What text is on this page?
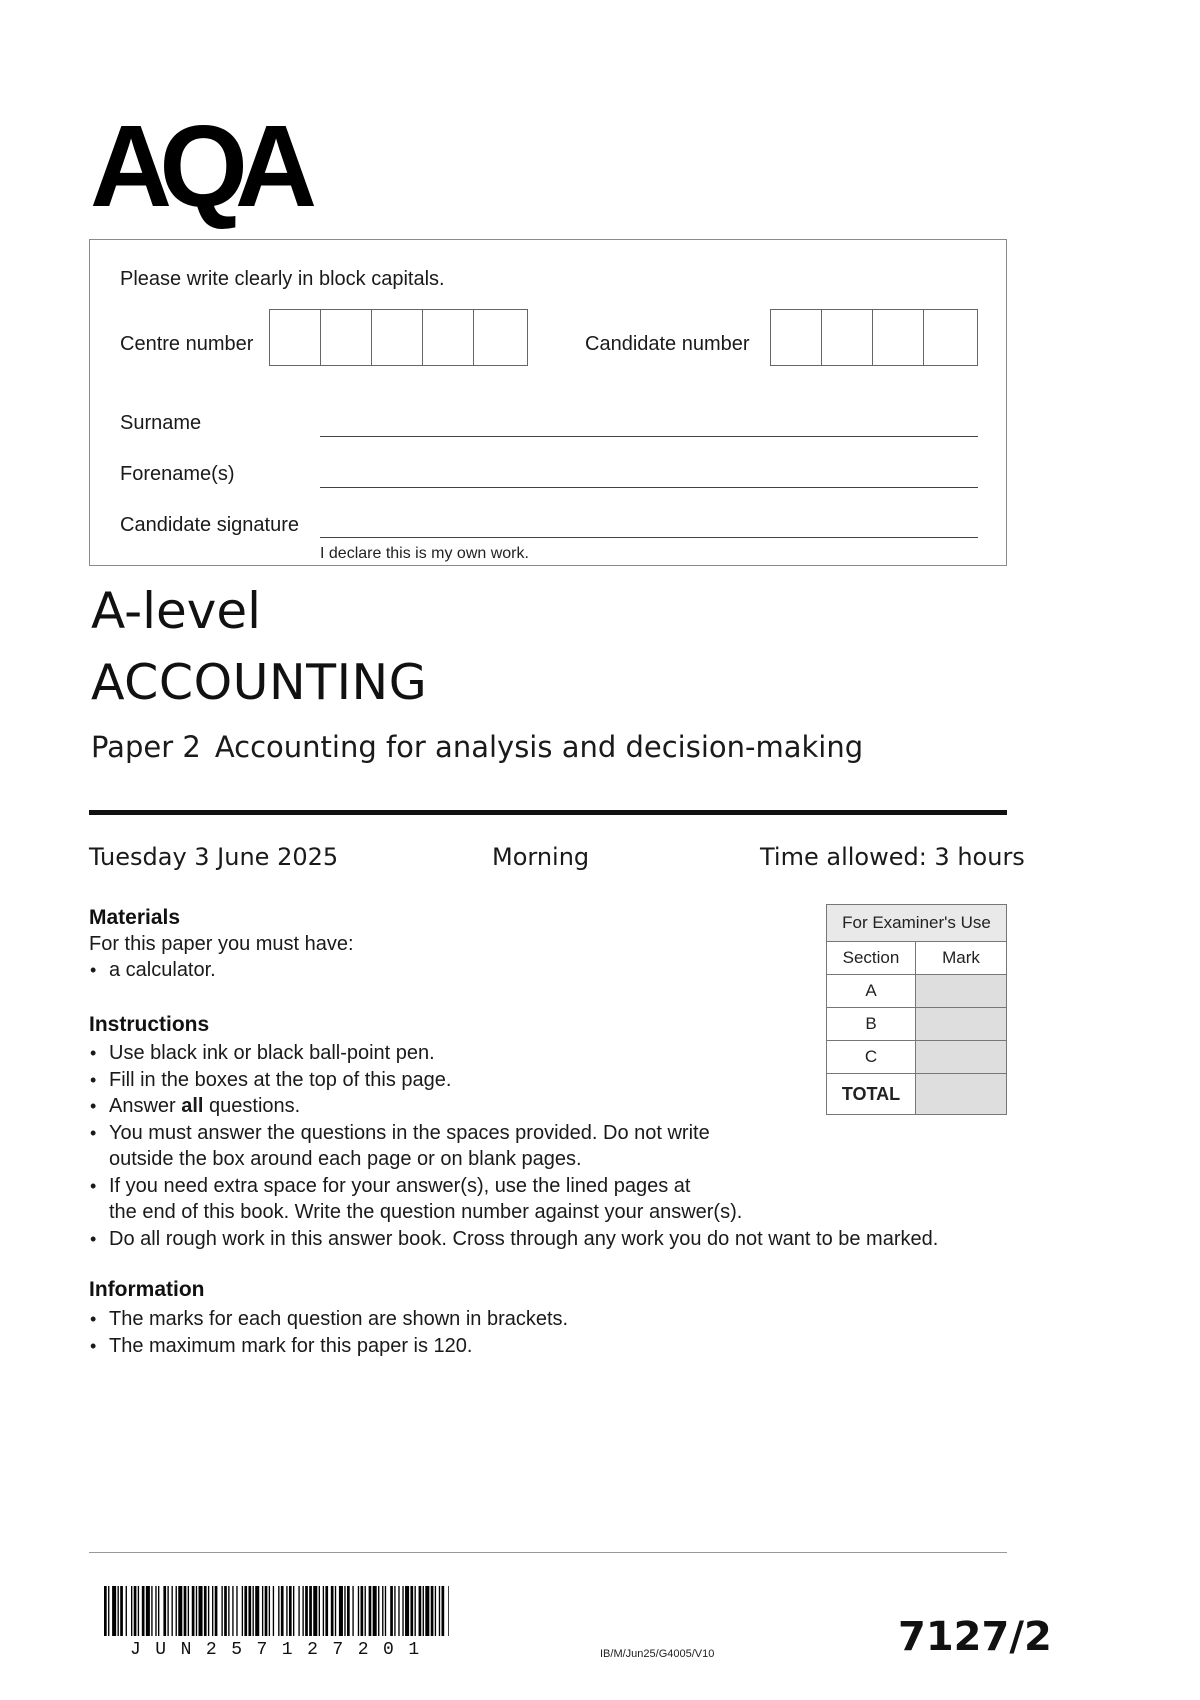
AQA
Please write clearly in block capitals.
Centre number	Candidate number
Surname
Forename(s)
Candidate signature
I declare this is my own work.
A-level
ACCOUNTING
Paper 2 Accounting for analysis and decision-making
Tuesday 3 June 2025	Morning	Time allowed: 3 hours
Materials
For this paper you must have:
• a calculator.
Instructions
• Use black ink or black ball-point pen.
• Fill in the boxes at the top of this page.
• Answer all questions.
• You must answer the questions in the spaces provided. Do not write
outside the box around each page or on blank pages.
• If you need extra space for your answer(s), use the lined pages at
the end of this book. Write the question number against your answer(s).
• Do all rough work in this answer book. Cross through any work you do not want to be marked.
Information
• The marks for each question are shown in brackets.
• The maximum mark for this paper is 120.
For Examiner's Use	
Section	Mark
A	
B	
C	
TOTAL	
JUN257127201	IB/M/Jun25/G4005/V10	7127/2
